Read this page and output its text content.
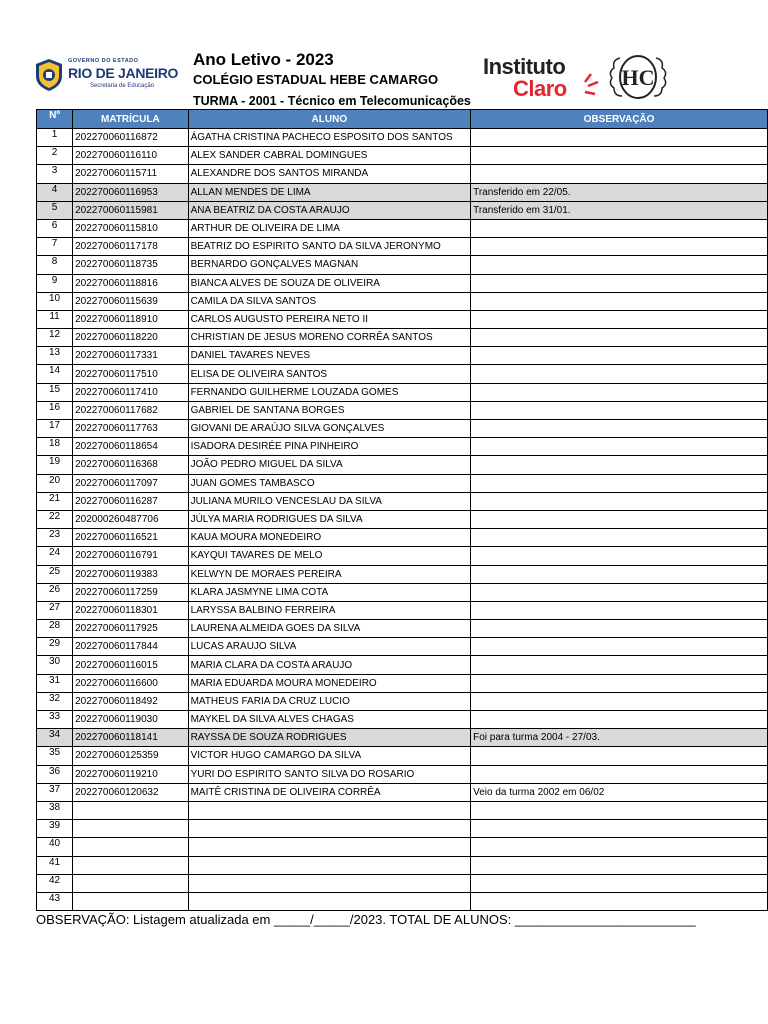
GOVERNO DO ESTADO
RIO DE JANEIRO
Secretaria de Educação
Ano Letivo - 2023
COLÉGIO ESTADUAL HEBE CAMARGO
TURMA - 2001 - Técnico em Telecomunicações
Instituto
Claro HC
Nº	MATRÍCULA	ALUNO	OBSERVAÇÃO
1	202270060116872	ÁGATHA CRISTINA PACHECO ESPOSITO DOS SANTOS	
2	202270060116110	ALEX SANDER CABRAL DOMINGUES	
3	202270060115711	ALEXANDRE DOS SANTOS MIRANDA	
4	202270060116953	ALLAN MENDES DE LIMA	Transferido em 22/05.
5	202270060115981	ANA BEATRIZ DA COSTA ARAUJO	Transferido em 31/01.
6	202270060115810	ARTHUR DE OLIVEIRA DE LIMA	
7	202270060117178	BEATRIZ DO ESPIRITO SANTO DA SILVA JERONYMO	
8	202270060118735	BERNARDO GONÇALVES MAGNAN	
9	202270060118816	BIANCA ALVES DE SOUZA DE OLIVEIRA	
10	202270060115639	CAMILA DA SILVA SANTOS	
11	202270060118910	CARLOS AUGUSTO PEREIRA NETO II	
12	202270060118220	CHRISTIAN DE JESUS MORENO CORRÊA SANTOS	
13	202270060117331	DANIEL TAVARES NEVES	
14	202270060117510	ELISA DE OLIVEIRA SANTOS	
15	202270060117410	FERNANDO GUILHERME LOUZADA GOMES	
16	202270060117682	GABRIEL DE SANTANA BORGES	
17	202270060117763	GIOVANI DE ARAÚJO SILVA GONÇALVES	
18	202270060118654	ISADORA DESIRÉE PINA PINHEIRO	
19	202270060116368	JOÃO PEDRO MIGUEL DA SILVA	
20	202270060117097	JUAN GOMES TAMBASCO	
21	202270060116287	JULIANA MURILO VENCESLAU DA SILVA	
22	202000260487706	JÚLYA MARIA RODRIGUES DA SILVA	
23	202270060116521	KAUA MOURA MONEDEIRO	
24	202270060116791	KAYQUI TAVARES DE MELO	
25	202270060119383	KELWYN DE MORAES PEREIRA	
26	202270060117259	KLARA JASMYNE LIMA COTA	
27	202270060118301	LARYSSA BALBINO FERREIRA	
28	202270060117925	LAURENA ALMEIDA GOES DA SILVA	
29	202270060117844	LUCAS ARAUJO SILVA	
30	202270060116015	MARIA CLARA DA COSTA ARAUJO	
31	202270060116600	MARIA EDUARDA MOURA MONEDEIRO	
32	202270060118492	MATHEUS FARIA DA CRUZ LUCIO	
33	202270060119030	MAYKEL DA SILVA ALVES CHAGAS	
34	202270060118141	RAYSSA DE SOUZA RODRIGUES	Foi para turma 2004 - 27/03.
35	202270060125359	VICTOR HUGO CAMARGO DA SILVA	
36	202270060119210	YURI DO ESPIRITO SANTO SILVA DO ROSARIO	
37	202270060120632	MAITÊ CRISTINA DE OLIVEIRA CORRÊA	Veio da turma 2002 em 06/02
38			
39			
40			
41			
42			
43			
OBSERVAÇÃO: Listagem atualizada em _____/_____/2023. TOTAL DE ALUNOS: _________________________
